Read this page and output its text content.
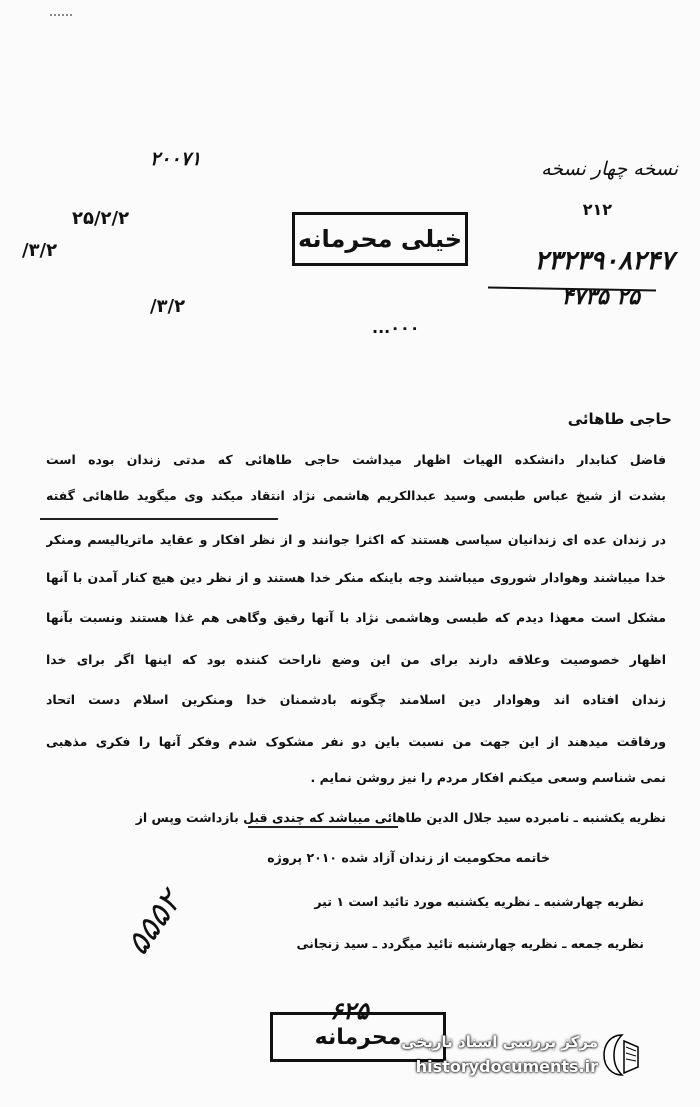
۲۰۰۷۱
۲۵/۲/۲
/۳/۲
/۳/۲
...۰۰۰
نسخه چهار نسخه
۲۱۲
۲۳۲۳۹۰۸۲۴۷
۴۷۳۵ ۲۵
خیلی محرمانه
حاجی طاهائی
فاضل کنابدار دانشکده الهیات اظهار میداشت حاجی طاهائی که مدتی زندان بوده است
بشدت از شیخ عباس طبسی وسید عبدالکریم هاشمی نژاد انتقاد میکند وی میگوید طاهائی گفته
در زندان عده ای زندانیان سیاسی هستند که اکثرا جوانند و از نظر افکار و عقاید ماتریالیسم ومنکر
خدا میباشند وهوادار شوروی میباشند وجه باینکه منکر خدا هستند و از نظر دین هیچ کنار آمدن با آنها
مشکل است معهذا دیدم که طبسی وهاشمی نژاد با آنها رفیق وگاهی هم غذا هستند ونسبت بآنها
اظهار خصوصیت وعلاقه دارند برای من این وضع ناراحت کننده بود که اینها اگر برای خدا
زندان افتاده اند وهوادار دین اسلامند چگونه بادشمنان خدا ومنکرین اسلام دست اتحاد
ورفاقت میدهند از این جهت من نسبت باین دو نفر مشکوک شدم وفکر آنها را فکری مذهبی
نمی شناسم وسعی میکنم افکار مردم را نیز روشن نمایم .
نظریه یکشنبه ـ نامبرده سید جلال الدین طاهائی میباشد که چندی قبل بازداشت وپس از
خاتمه محکومیت از زندان آزاد شده ۲۰۱۰ پروژه
نظریه چهارشنبه ـ نظریه یکشنبه مورد تائید است ۱ تیر
نظریه جمعه ـ نظریه چهارشنبه تائید میگردد ـ سید زنجانی
۵۵۵۲
محرمانه
۶۲۵
مرکز بررسی اسناد تاریخی
historydocuments.ir
